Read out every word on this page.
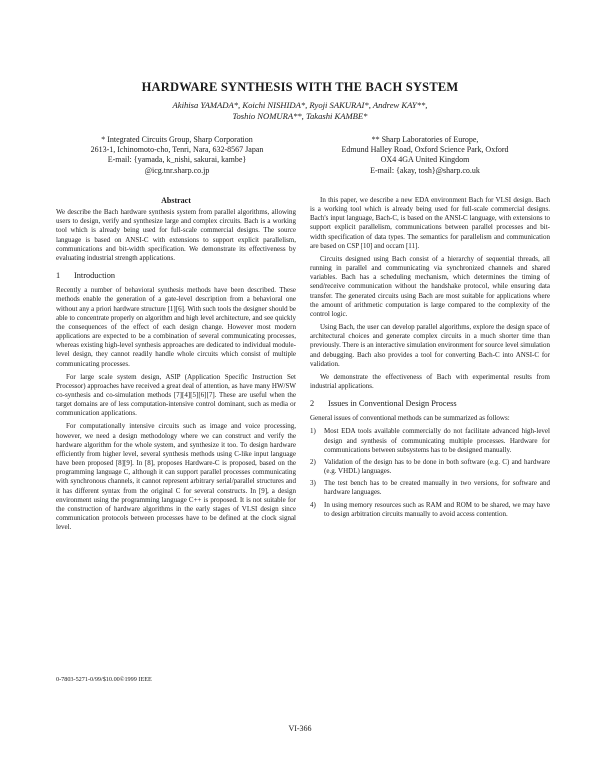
HARDWARE SYNTHESIS WITH THE BACH SYSTEM
Akihisa YAMADA*, Koichi NISHIDA*, Ryoji SAKURAI*, Andrew KAY**,
Toshio NOMURA**, Takashi KAMBE*
* Integrated Circuits Group, Sharp Corporation
2613-1, Ichinomoto-cho, Tenri, Nara, 632-8567 Japan
E-mail: {yamada, k_nishi, sakurai, kambe}
@icg.tnr.sharp.co.jp
** Sharp Laboratories of Europe,
Edmund Halley Road, Oxford Science Park, Oxford
OX4 4GA United Kingdom
E-mail: {akay, tosh}@sharp.co.uk
Abstract

We describe the Bach hardware synthesis system from parallel algorithms, allowing users to design, verify and synthesize large and complex circuits. Bach is a working tool which is already being used for full-scale commercial designs. The source language is based on ANSI-C with extensions to support explicit parallelism, communications and bit-width specification. We demonstrate its effectiveness by evaluating industrial strength applications.

1 Introduction

Recently a number of behavioral synthesis methods have been described. These methods enable the generation of a gate-level description from a behavioral one without any a priori hardware structure [1][6]. With such tools the designer should be able to concentrate properly on algorithm and high level architecture, and see quickly the consequences of the effect of each design change. However most modern applications are expected to be a combination of several communicating processes, whereas existing high-level synthesis approaches are dedicated to individual module-level design, they cannot readily handle whole circuits which consist of multiple communicating processes.

For large scale system design, ASIP (Application Specific Instruction Set Processor) approaches have received a great deal of attention, as have many HW/SW co-synthesis and co-simulation methods [7][4][5][6][7]. These are useful when the target domains are of less computation-intensive control dominant, such as media or communication applications.

For computationally intensive circuits such as image and voice processing, however, we need a design methodology where we can construct and verify the hardware algorithm for the whole system, and synthesize it too. To design hardware efficiently from higher level, several synthesis methods using C-like input language have been proposed [8][9]. In [8], proposes Hardware-C is proposed, based on the programming language C, although it can support parallel processes communicating with synchronous channels, it cannot represent arbitrary serial/parallel structures and it has different syntax from the original C for several constructs. In [9], a design environment using the programming language C++ is proposed. It is not suitable for the construction of hardware algorithms in the early stages of VLSI design since communication protocols between processes have to be defined at the clock signal level.

In this paper, we describe a new EDA environment Bach for VLSI design. Bach is a working tool which is already being used for full-scale commercial designs. Bach's input language, Bach-C, is based on the ANSI-C language, with extensions to support explicit parallelism, communications between parallel processes and bit-width specification of data types. The semantics for parallelism and communication are based on CSP [10] and occam [11].

Circuits designed using Bach consist of a hierarchy of sequential threads, all running in parallel and communicating via synchronized channels and shared variables. Bach has a scheduling mechanism, which determines the timing of send/receive communication without the handshake protocol, while ensuring data transfer. The generated circuits using Bach are most suitable for applications where the amount of arithmetic computation is large compared to the complexity of the control logic.

Using Bach, the user can develop parallel algorithms, explore the design space of architectural choices and generate complex circuits in a much shorter time than previously. There is an interactive simulation environment for source level simulation and debugging. Bach also provides a tool for converting Bach-C into ANSI-C for validation.

We demonstrate the effectiveness of Bach with experimental results from industrial applications.

2 Issues in Conventional Design Process

General issues of conventional methods can be summarized as follows:

1) Most EDA tools available commercially do not facilitate advanced high-level design and synthesis of communicating multiple processes. Hardware for communications between subsystems has to be designed manually.
2) Validation of the design has to be done in both software (e.g. C) and hardware (e.g. VHDL) languages.
3) The test bench has to be created manually in two versions, for software and hardware languages.
4) In using memory resources such as RAM and ROM to be shared, we may have to design arbitration circuits manually to avoid access contention.
0-7803-5271-0/99/$10.00©1999 IEEE
VI-366
